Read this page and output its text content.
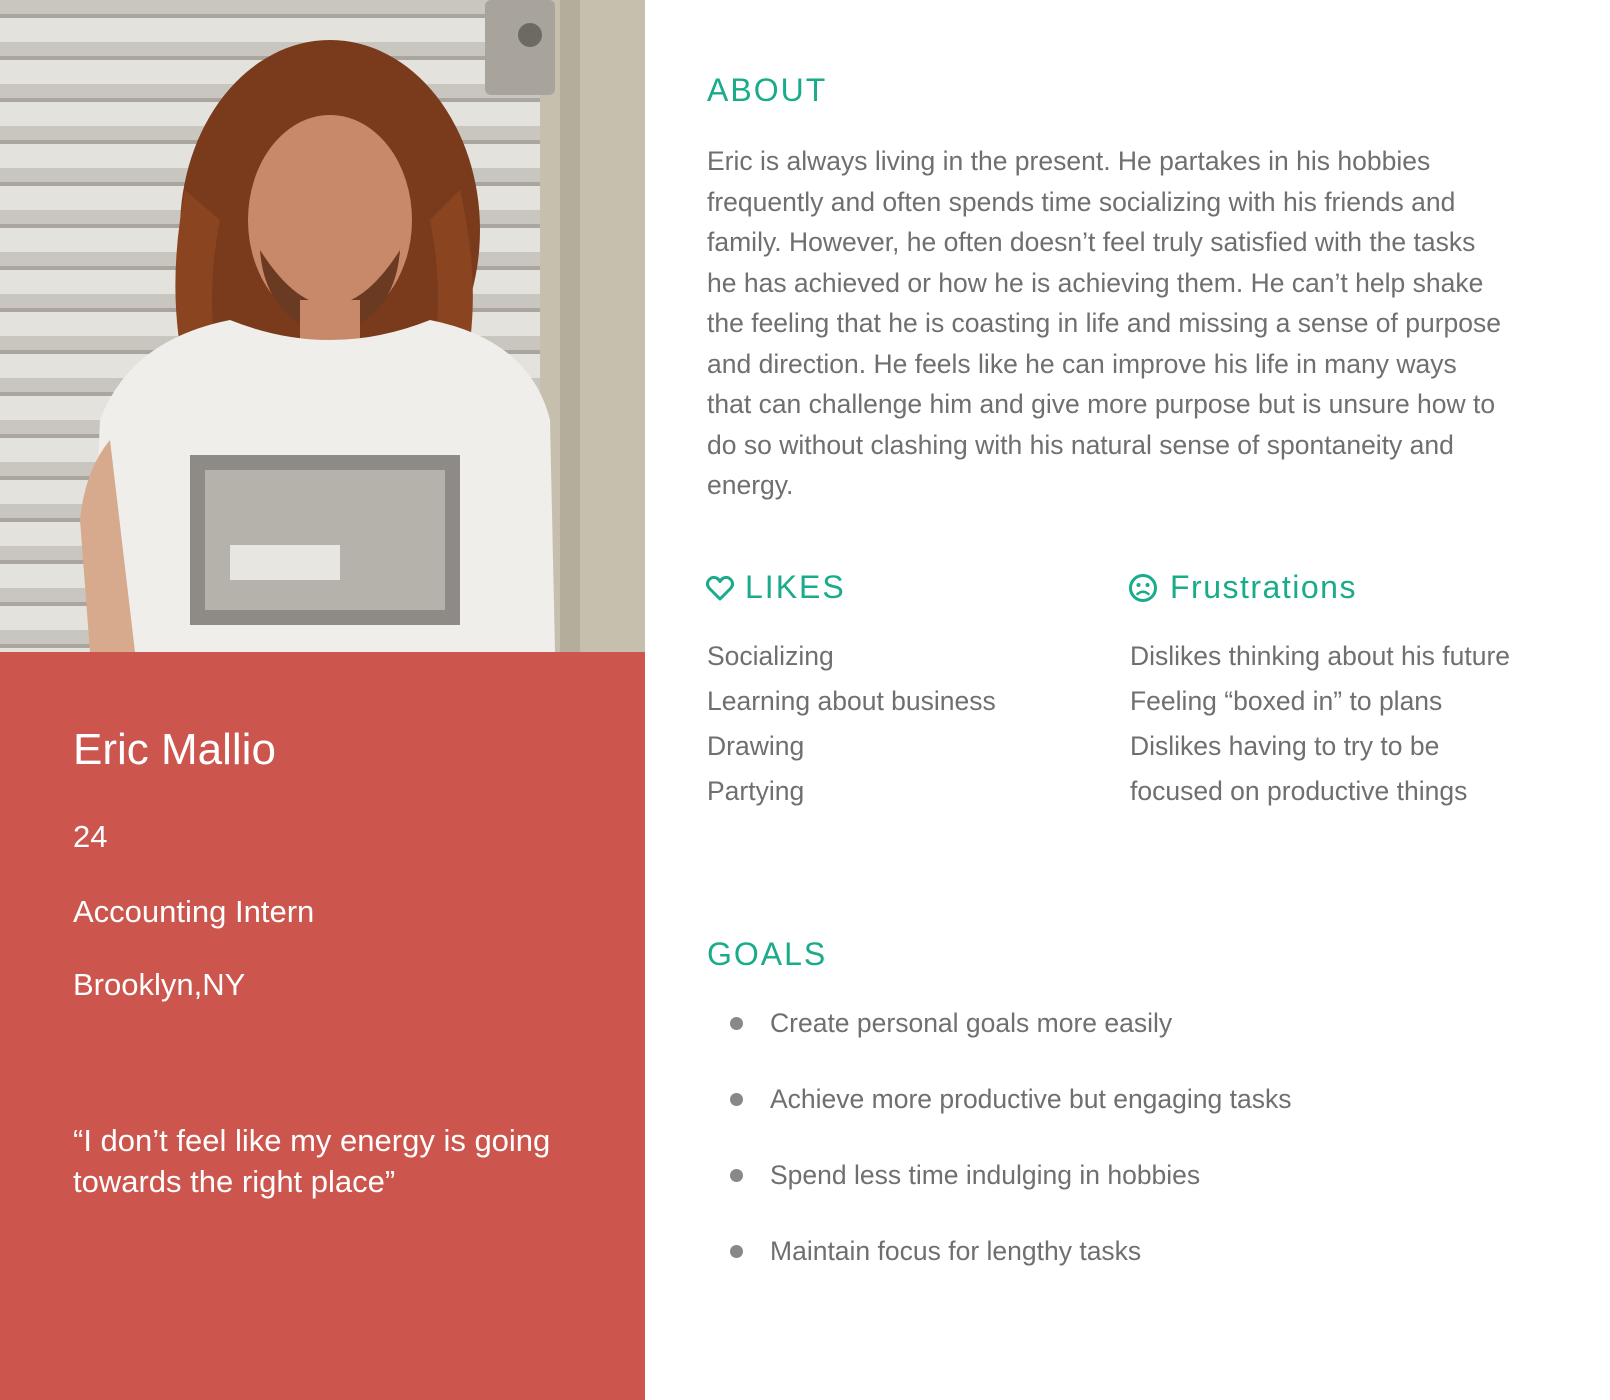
Eric Mallio
24
Accounting Intern
Brooklyn,NY
“I don’t feel like my energy is going towards the right place”
ABOUT
Eric is always living in the present. He partakes in his hobbies frequently and often spends time socializing with his friends and family. However, he often doesn’t feel truly satisfied with the tasks he has achieved or how he is achieving them. He can’t help shake the feeling that he is coasting in life and missing a sense of purpose and direction. He feels like he can improve his life in many ways that can challenge him and give more purpose but is unsure how to do so without clashing with his natural sense of spontaneity and energy.
LIKES
Socializing
Learning about business
Drawing
Partying
Frustrations
Dislikes thinking about his future
Feeling “boxed in” to plans
Dislikes having to try to be focused on productive things
GOALS
Create personal goals more easily
Achieve more productive but engaging tasks
Spend less time indulging in hobbies
Maintain focus for lengthy tasks
